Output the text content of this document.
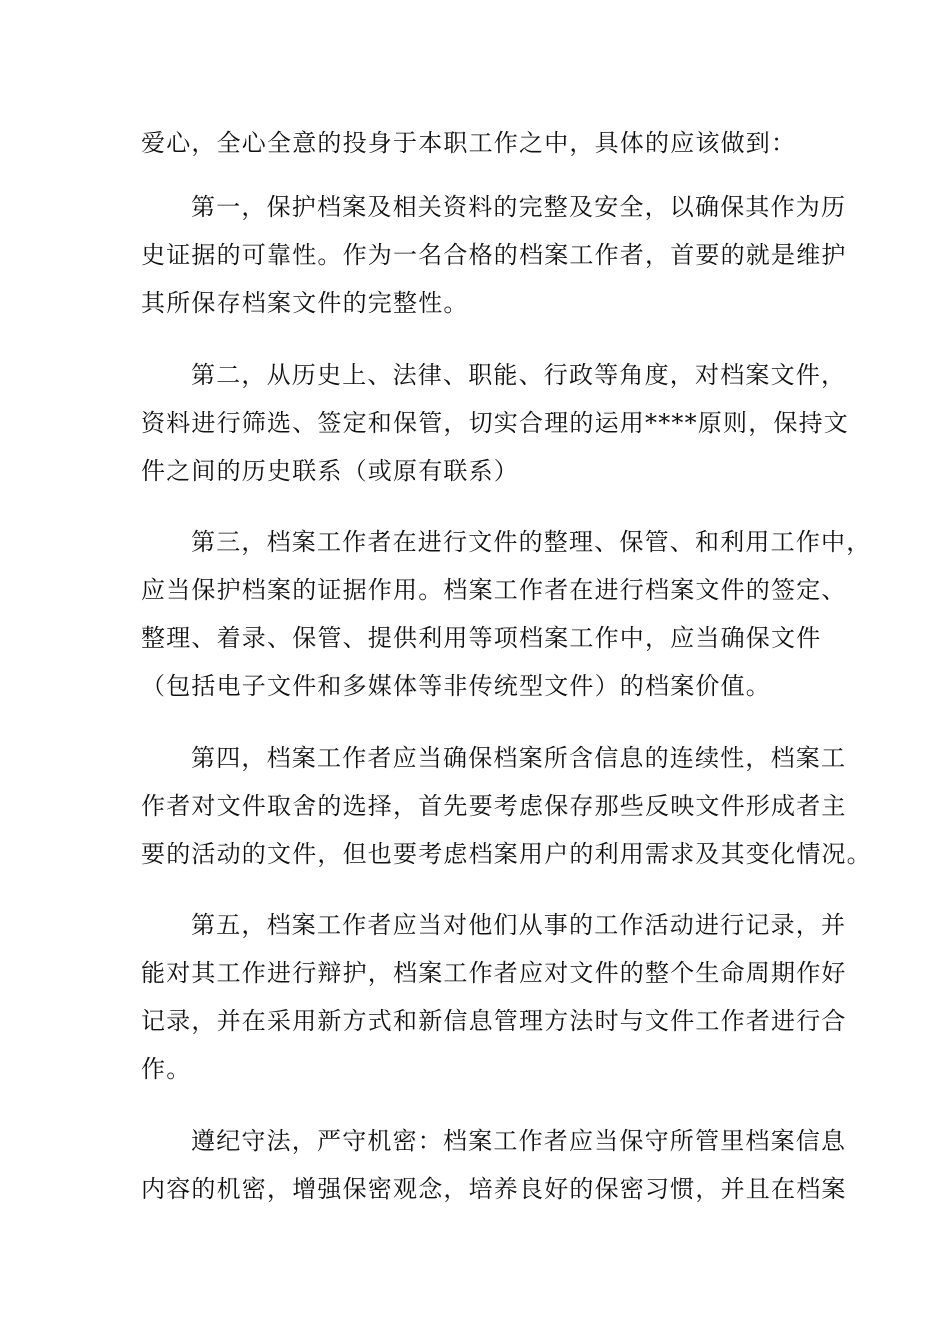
爱心，全心全意的投身于本职工作之中，具体的应该做到：
第一，保护档案及相关资料的完整及安全，以确保其作为历
史证据的可靠性。作为一名合格的档案工作者，首要的就是维护
其所保存档案文件的完整性。
第二，从历史上、法律、职能、行政等角度，对档案文件，
资料进行筛选、签定和保管，切实合理的运用****原则，保持文
件之间的历史联系（或原有联系）
第三，档案工作者在进行文件的整理、保管、和利用工作中，
应当保护档案的证据作用。档案工作者在进行档案文件的签定、
整理、着录、保管、提供利用等项档案工作中，应当确保文件
（包括电子文件和多媒体等非传统型文件）的档案价值。
第四，档案工作者应当确保档案所含信息的连续性，档案工
作者对文件取舍的选择，首先要考虑保存那些反映文件形成者主
要的活动的文件，但也要考虑档案用户的利用需求及其变化情况。
第五，档案工作者应当对他们从事的工作活动进行记录，并
能对其工作进行辩护，档案工作者应对文件的整个生命周期作好
记录，并在采用新方式和新信息管理方法时与文件工作者进行合
作。
遵纪守法，严守机密：档案工作者应当保守所管里档案信息
内容的机密，增强保密观念，培养良好的保密习惯，并且在档案
